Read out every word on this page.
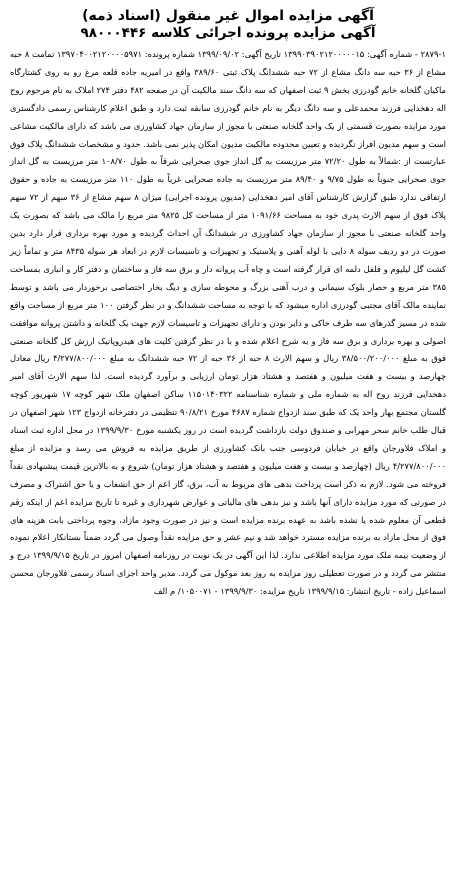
آگهی مزایده اموال غیر منقول (اسناد ذمه)
آگهی مزایده پرونده اجرائی کلاسه ۹۸۰۰۰۴۴۶
۲۸۷۹-۱ - شماره آگهی: ۱۳۹۹۰۳۹۰۲۱۲۰۰۰۰۰۱۵ تاریخ آگهی: ۱۳۹۹/۰۹/۰۲ شماره پرونده: ۱۳۹۷۰۴۰۰۲۱۲۰۰۰۰۵۹۷۱ تمامت ۸ حبه مشاع از ۳۶ حبه سه دانگ مشاع از ۷۲ حبه ششدانگ پلاک ثبتی ۳۸۹/۶۰ واقع در امیریه جاده قلعه مرغ رو به روی کشتارگاه ماکیان گلخانه خانم گودرزی بخش ۹ ثبت اصفهان که سه دانگ سند مالکیت آن در صفحه ۴۸۲ دفتر ۲۷۴ املاک به نام مرحوم روح اله دهخدایی فرزند محمدعلی و سه دانگ دیگر به نام خانم گودرزی سابقه ثبت دارد و طبق اعلام کارشناس رسمی دادگستری مورد مزایده بصورت قسمتی از یک واحد گلخانه صنعتی با مجوز از سازمان جهاد کشاورزی می باشد که دارای مالکیت مشاعی است و سهم مدیون افراز نگردیده و تعیین محدوده مالکیت مدیون امکان پذیر نمی باشد. حدود و مشخصات ششدانگ پلاک فوق عبارتست از :شمالاً به طول ۷۲/۲۰ متر مرزیست به گل انداز جوی صحرایی شرقاً به طول ۱۰۸/۷۰ متر مرزیست به گل انداز جوی صحرایی جنوباً به طول ۹/۷۵ و ۸۹/۴۰ متر مرزیست به جاده صحرایی غرباً به طول ۱۱۰ متر مرزیست به جاده و حقوق ارتفاقی ندارد طبق گزارش کارشناس آقای امیر دهخدایی (مدیون پرونده اجرایی) میزان ۸ سهم مشاع از ۳۶ سهم از ۷۲ سهم پلاک فوق از سهم الارث پدری خود به مساحت ۱۰۹۱/۶۶ متر از مساحت کل ۹۸۲۵ متر مربع را مالک می باشد که بصورت یک واحد گلخانه صنعتی با مجوز از سازمان جهاد کشاورزی در ششدانگ آن احداث گردیده و مورد بهره برداری قرار دارد بدین صورت در دو ردیف سوله ۸ دایی با لوله آهنی و پلاستیک و تجهیزات و تاسیسات لازم در ابعاد هر سوله ۸۴۳۵ متر و تماماً زیر کشت گل لیلیوم و فلفل دلمه ای قرار گرفته است و چاه آب پروانه دار و برق سه فاز و ساختمان و دفتر کار و انباری بمساحت ۳۸۵ متر مربع و حصار بلوک سیمانی و درب آهنی بزرگ و محوطه سازی و دیگ بخار اختصاصی برخوردار می باشد و توسط نماینده مالک آقای مجتبی گودرزی اداره میشود که با توجه به مساحت ششدانگ و در نظر گرفتن ۱۰۰ متر مربع از مساحت واقع شده در مسیر گذرهای سه طرف خاکی و دایر بودن و دارای تجهیزات و تاسیسات لازم جهت یک گلخانه و داشتن پروانه موافقت اصولی و بهره برداری و برق سه فاز و به شرح اعلام شده و با در نظر گرفتن کلیت های هیدروپانیک ارزش کل گلخانه صنعتی فوق به مبلغ ۳۸/۵۰۰/۲۰۰/۰۰۰ ریال و سهم الارث ۸ حبه از ۳۶ حبه از ۷۲ حبه ششدانگ به مبلغ ۴/۲۷۷/۸۰۰/۰۰۰ ریال معادل چهارصد و بیست و هفت میلیون و هفتصد و هشتاد هزار تومان ارزیابی و برآورد گردیده است. لذا سهم الارث آقای امیر دهخدایی فرزند روح اله به شماره ملی و شماره شناسنامه ۱۱۵۰۱۴۰۳۲۲ ساکن اصفهان ملک شهر کوچه ۱۷ شهریور کوچه گلستان مجتمع بهار واحد یک که طبق سند ازدواج شماره ۴۶۸۷ مورخ ۹۰/۸/۲۱ تنظیمی در دفترخانه ازدواج ۱۲۳ شهر اصفهان در قبال طلب خانم سحر مهرابی و صندوق دولت بازداشت گردیده است در روز یکشنبه مورخ ۱۳۹۹/۹/۳۰ در محل اداره ثبت اسناد و املاک فلاورجان واقع در خیابان فردوسی جنب بانک کشاورزی از طریق مزایده به فروش می رسد و مزایده از مبلغ ۴/۲۷۷/۸۰۰/۰۰۰ ریال (چهارصد و بیست و هفت میلیون و هفتصد و هشتاد هزار تومان) شروع و به بالاترین قیمت پیشنهادی نقداً فروخته می شود. لازم به ذکر است پرداخت بدهی های مربوط به آب، برق، گاز اعم از حق انشعاب و یا حق اشتراک و مصرف در صورتی که مورد مزایده دارای آنها باشد و نیز بدهی های مالیاتی و عوارض شهرداری و غیره تا تاریخ مزایده اعم از اینکه رقم قطعی آن معلوم شده یا نشده باشد به عهده برنده مزایده است و نیز در صورت وجود مازاد، وجوه پرداختی بابت هزینه های فوق از محل مازاد به برنده مزایده مسترد خواهد شد و نیم عشر و حق مزایده نقداً وصول می گردد ضمناً بستانکار اعلام نموده از وضعیت بیمه ملک مورد مزایده اطلاعی ندارد. لذا این آگهی در یک نوبت در روزنامه اصفهان امروز در تاریخ ۱۳۹۹/۹/۱۵ درج و منتشر می گردد و در صورت تعطیلی روز مزایده به روز بعد موکول می گردد. مدیر واحد اجرای اسناد رسمی فلاورجان محسن اسماعیل زاده - تاریخ انتشار: ۱۳۹۹/۹/۱۵ تاریخ مزایده: ۱۳۹۹/۹/۳۰ - ۱۰۵۰۰۷۱/ م الف
